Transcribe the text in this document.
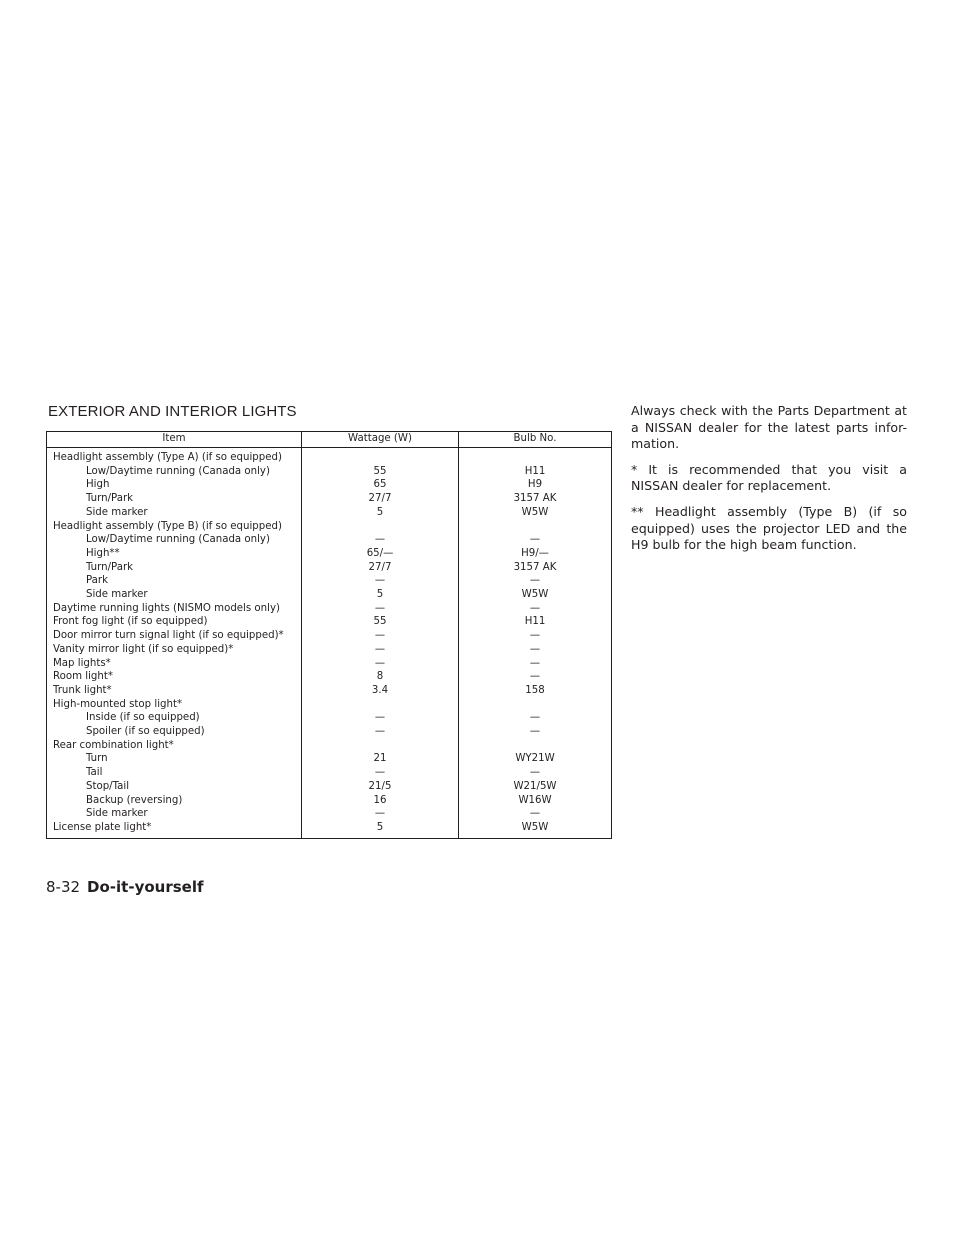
EXTERIOR AND INTERIOR LIGHTS
Item	Wattage (W)	Bulb No.
Headlight assembly (Type A) (if so equipped)		
Low/Daytime running (Canada only)	55	H11
High	65	H9
Turn/Park	27/7	3157 AK
Side marker	5	W5W
Headlight assembly (Type B) (if so equipped)		
Low/Daytime running (Canada only)	—	—
High**	65/—	H9/—
Turn/Park	27/7	3157 AK
Park	—	—
Side marker	5	W5W
Daytime running lights (NISMO models only)	—	—
Front fog light (if so equipped)	55	H11
Door mirror turn signal light (if so equipped)*	—	—
Vanity mirror light (if so equipped)*	—	—
Map lights*	—	—
Room light*	8	—
Trunk light*	3.4	158
High-mounted stop light*		
Inside (if so equipped)	—	—
Spoiler (if so equipped)	—	—
Rear combination light*		
Turn	21	WY21W
Tail	—	—
Stop/Tail	21/5	W21/5W
Backup (reversing)	16	W16W
Side marker	—	—
License plate light*	5	W5W

Always check with the Parts Department at a NISSAN dealer for the latest parts infor-mation.

* It is recommended that you visit a NISSAN dealer for replacement.

** Headlight assembly (Type B) (if so equipped) uses the projector LED and the H9 bulb for the high beam function.

8-32 Do-it-yourself
